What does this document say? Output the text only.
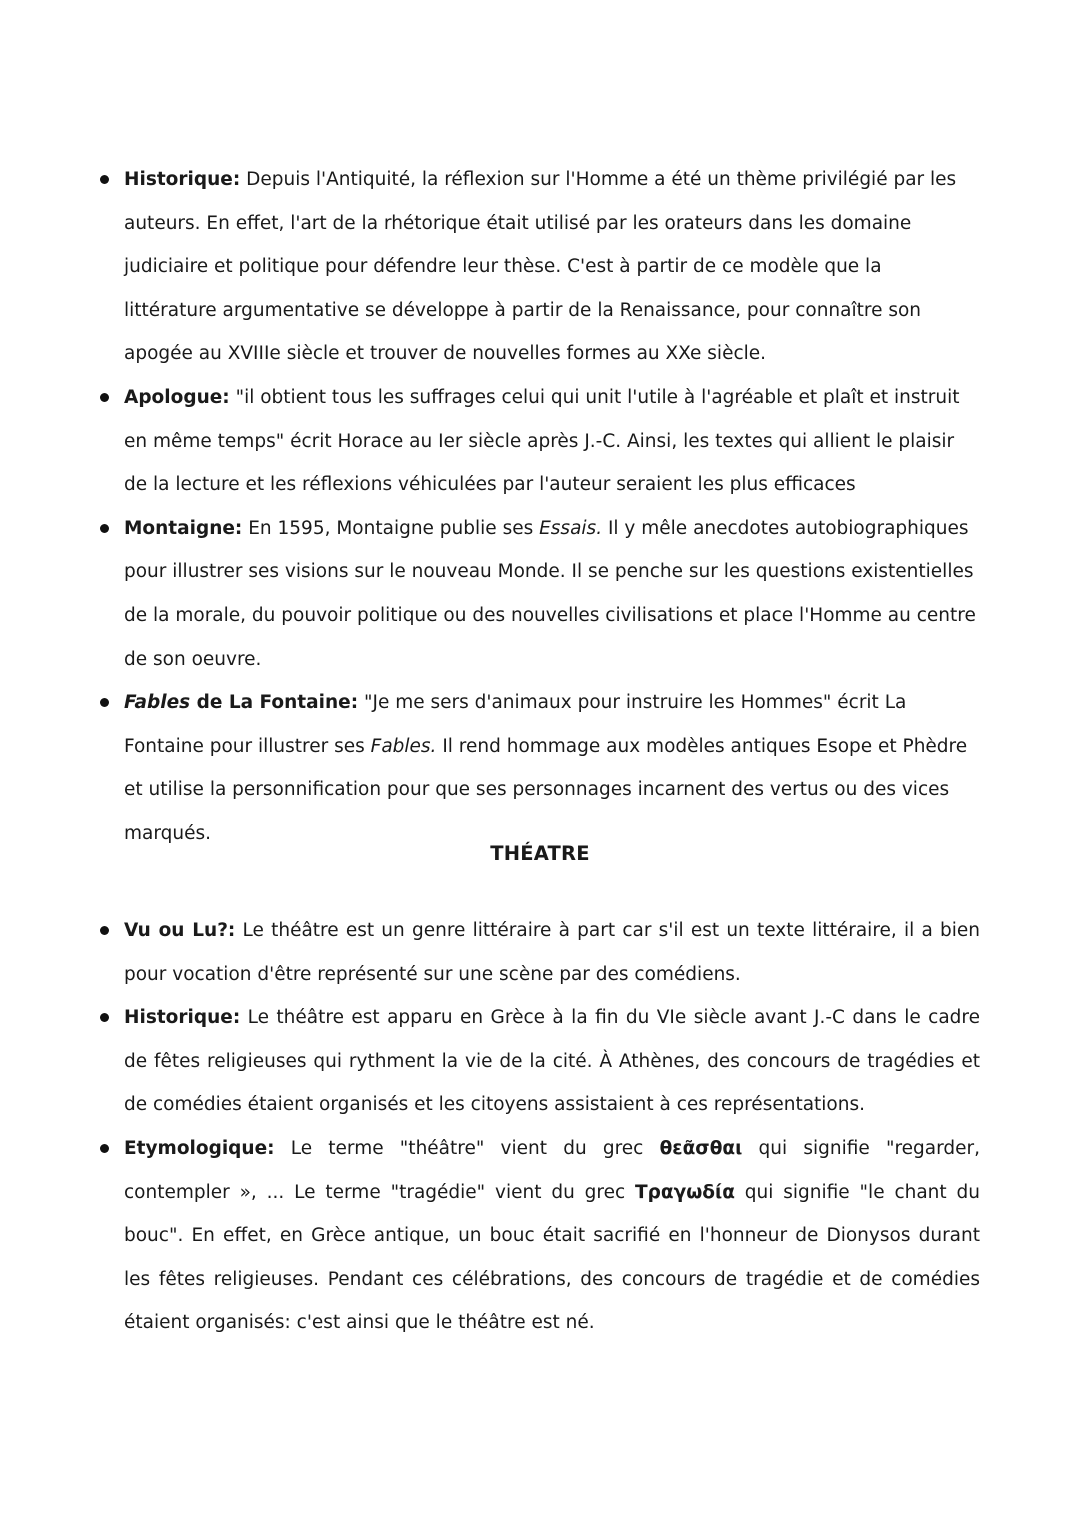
Historique: Depuis l'Antiquité, la réflexion sur l'Homme a été un thème privilégié par les auteurs. En effet, l'art de la rhétorique était utilisé par les orateurs dans les domaine judiciaire et politique pour défendre leur thèse. C'est à partir de ce modèle que la littérature argumentative se développe à partir de la Renaissance, pour connaître son apogée au XVIIIe siècle et trouver de nouvelles formes au XXe siècle.
Apologue: "il obtient tous les suffrages celui qui unit l'utile à l'agréable et plaît et instruit en même temps" écrit Horace au Ier siècle après J.-C. Ainsi, les textes qui allient le plaisir de la lecture et les réflexions véhiculées par l'auteur seraient les plus efficaces
Montaigne: En 1595, Montaigne publie ses Essais. Il y mêle anecdotes autobiographiques pour illustrer ses visions sur le nouveau Monde. Il se penche sur les questions existentielles de la morale, du pouvoir politique ou des nouvelles civilisations et place l'Homme au centre de son oeuvre.
Fables de La Fontaine: "Je me sers d'animaux pour instruire les Hommes" écrit La Fontaine pour illustrer ses Fables. Il rend hommage aux modèles antiques Esope et Phèdre et utilise la personnification pour que ses personnages incarnent des vertus ou des vices marqués.
THÉATRE
Vu ou Lu?: Le théâtre est un genre littéraire à part car s'il est un texte littéraire, il a bien pour vocation d'être représenté sur une scène par des comédiens.
Historique: Le théâtre est apparu en Grèce à la fin du VIe siècle avant J.-C dans le cadre de fêtes religieuses qui rythment la vie de la cité. À Athènes, des concours de tragédies et de comédies étaient organisés et les citoyens assistaient à ces représentations.
Etymologique: Le terme "théâtre" vient du grec θεᾶσθαι qui signifie "regarder, contempler », ... Le terme "tragédie" vient du grec Τραγωδία qui signifie "le chant du bouc". En effet, en Grèce antique, un bouc était sacrifié en l'honneur de Dionysos durant les fêtes religieuses. Pendant ces célébrations, des concours de tragédie et de comédies étaient organisés: c'est ainsi que le théâtre est né.
